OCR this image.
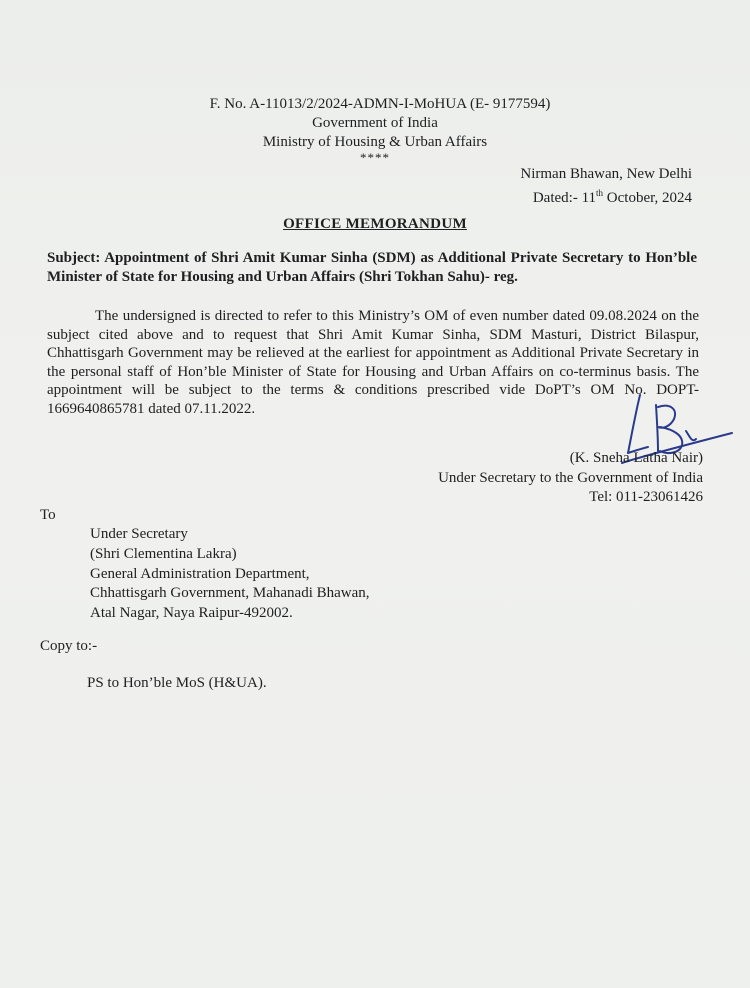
F. No. A-11013/2/2024-ADMN-I-MoHUA (E- 9177594)
Government of India
Ministry of Housing & Urban Affairs
****
Nirman Bhawan, New Delhi
Dated:- 11th October, 2024
OFFICE MEMORANDUM
Subject: Appointment of Shri Amit Kumar Sinha (SDM) as Additional Private Secretary to Hon’ble Minister of State for Housing and Urban Affairs (Shri Tokhan Sahu)- reg.
The undersigned is directed to refer to this Ministry’s OM of even number dated 09.08.2024 on the subject cited above and to request that Shri Amit Kumar Sinha, SDM Masturi, District Bilaspur, Chhattisgarh Government may be relieved at the earliest for appointment as Additional Private Secretary in the personal staff of Hon’ble Minister of State for Housing and Urban Affairs on co-terminus basis. The appointment will be subject to the terms & conditions prescribed vide DoPT’s OM No. DOPT-1669640865781 dated 07.11.2022.
(K. Sneha Latha Nair)
Under Secretary to the Government of India
Tel: 011-23061426
To
Under Secretary
(Shri Clementina Lakra)
General Administration Department,
Chhattisgarh Government, Mahanadi Bhawan,
Atal Nagar, Naya Raipur-492002.
Copy to:-
PS to Hon’ble MoS (H&UA).
